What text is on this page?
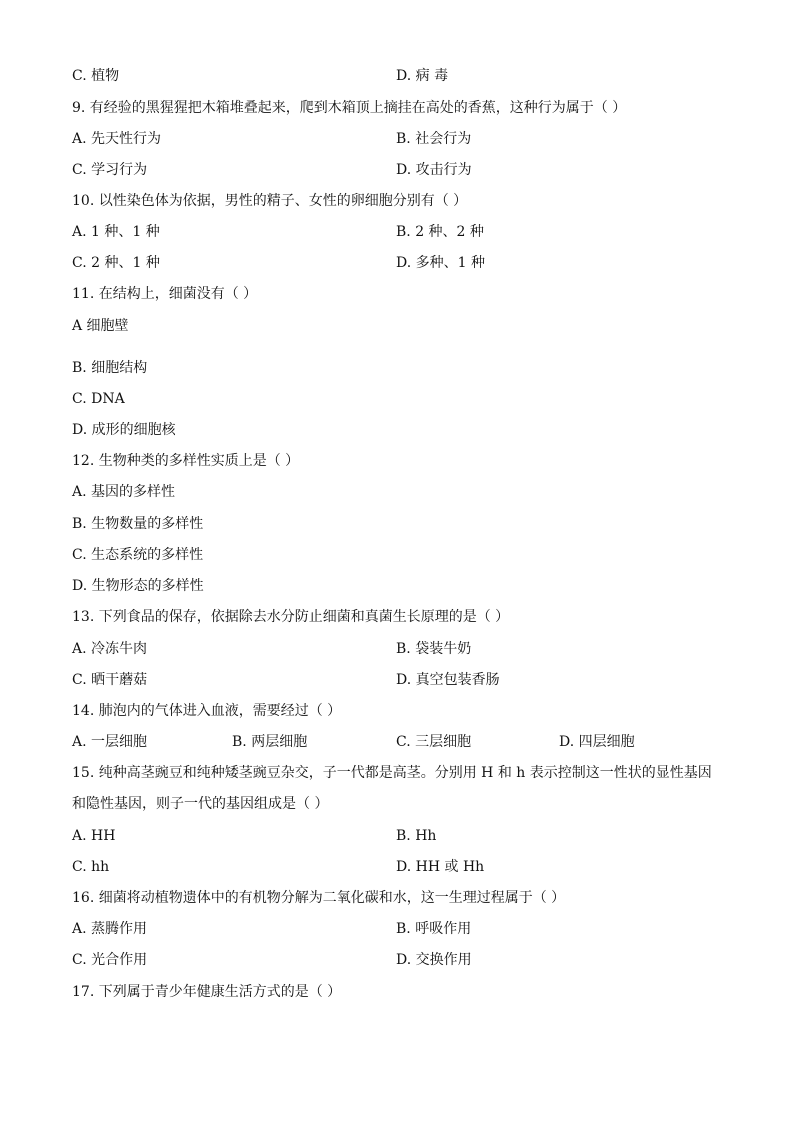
C. 植物	D. 病 毒
9. 有经验的黑猩猩把木箱堆叠起来，爬到木箱顶上摘挂在高处的香蕉，这种行为属于（ ）
A. 先天性行为	B. 社会行为
C. 学习行为	D. 攻击行为
10. 以性染色体为依据，男性的精子、女性的卵细胞分别有（ ）
A. 1 种、1 种	B. 2 种、2 种
C. 2 种、1 种	D. 多种、1 种
11. 在结构上，细菌没有（ ）
A 细胞壁
B. 细胞结构
C. DNA
D. 成形的细胞核
12. 生物种类的多样性实质上是（ ）
A. 基因的多样性
B. 生物数量的多样性
C. 生态系统的多样性
D. 生物形态的多样性
13. 下列食品的保存，依据除去水分防止细菌和真菌生长原理的是（ ）
A. 冷冻牛肉	B. 袋装牛奶
C. 晒干蘑菇	D. 真空包装香肠
14. 肺泡内的气体进入血液，需要经过（ ）
A. 一层细胞	B. 两层细胞	C. 三层细胞	D. 四层细胞
15. 纯种高茎豌豆和纯种矮茎豌豆杂交，子一代都是高茎。分别用 H 和 h 表示控制这一性状的显性基因
和隐性基因，则子一代的基因组成是（ ）
A. HH	B. Hh
C. hh	D. HH 或 Hh
16. 细菌将动植物遗体中的有机物分解为二氧化碳和水，这一生理过程属于（ ）
A. 蒸腾作用	B. 呼吸作用
C. 光合作用	D. 交换作用
17. 下列属于青少年健康生活方式的是（ ）
